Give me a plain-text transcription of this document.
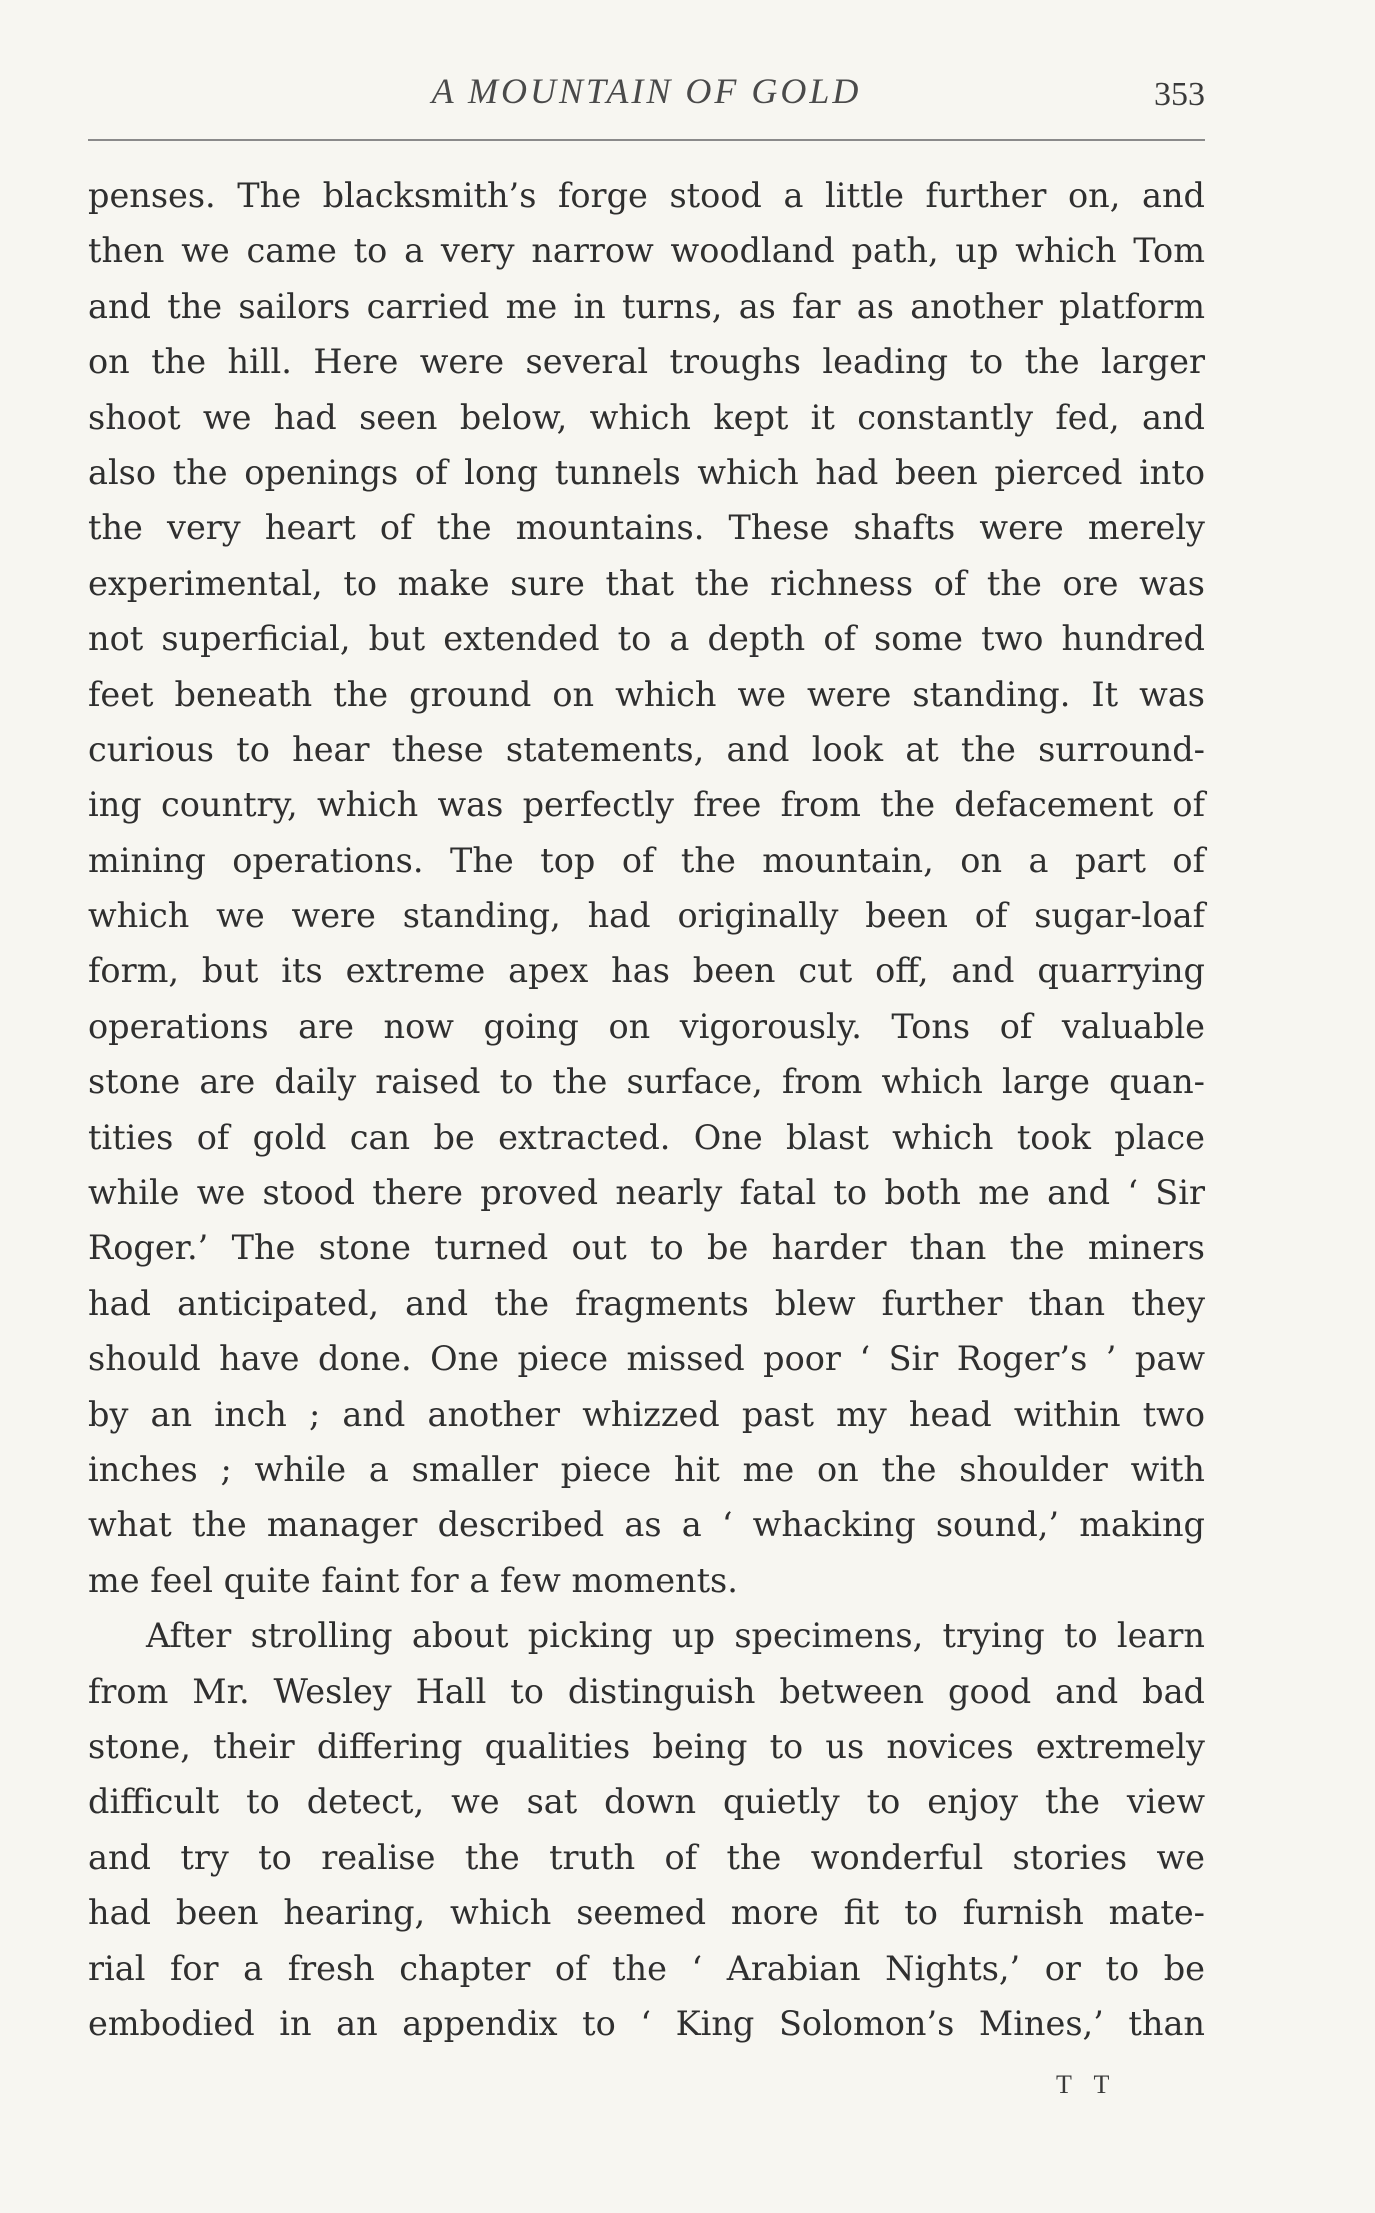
A MOUNTAIN OF GOLD	353
penses. The blacksmith’s forge stood a little further on, and
then we came to a very narrow woodland path, up which Tom
and the sailors carried me in turns, as far as another platform
on the hill. Here were several troughs leading to the larger
shoot we had seen below, which kept it constantly fed, and
also the openings of long tunnels which had been pierced into
the very heart of the mountains. These shafts were merely
experimental, to make sure that the richness of the ore was
not superficial, but extended to a depth of some two hundred
feet beneath the ground on which we were standing. It was
curious to hear these statements, and look at the surround-
ing country, which was perfectly free from the defacement of
mining operations. The top of the mountain, on a part of
which we were standing, had originally been of sugar-loaf
form, but its extreme apex has been cut off, and quarrying
operations are now going on vigorously. Tons of valuable
stone are daily raised to the surface, from which large quan-
tities of gold can be extracted. One blast which took place
while we stood there proved nearly fatal to both me and ‘ Sir
Roger.’ The stone turned out to be harder than the miners
had anticipated, and the fragments blew further than they
should have done. One piece missed poor ‘ Sir Roger’s ’ paw
by an inch ; and another whizzed past my head within two
inches ; while a smaller piece hit me on the shoulder with
what the manager described as a ‘ whacking sound,’ making
me feel quite faint for a few moments.
After strolling about picking up specimens, trying to learn
from Mr. Wesley Hall to distinguish between good and bad
stone, their differing qualities being to us novices extremely
difficult to detect, we sat down quietly to enjoy the view
and try to realise the truth of the wonderful stories we
had been hearing, which seemed more fit to furnish mate-
rial for a fresh chapter of the ‘ Arabian Nights,’ or to be
embodied in an appendix to ‘ King Solomon’s Mines,’ than
T T
